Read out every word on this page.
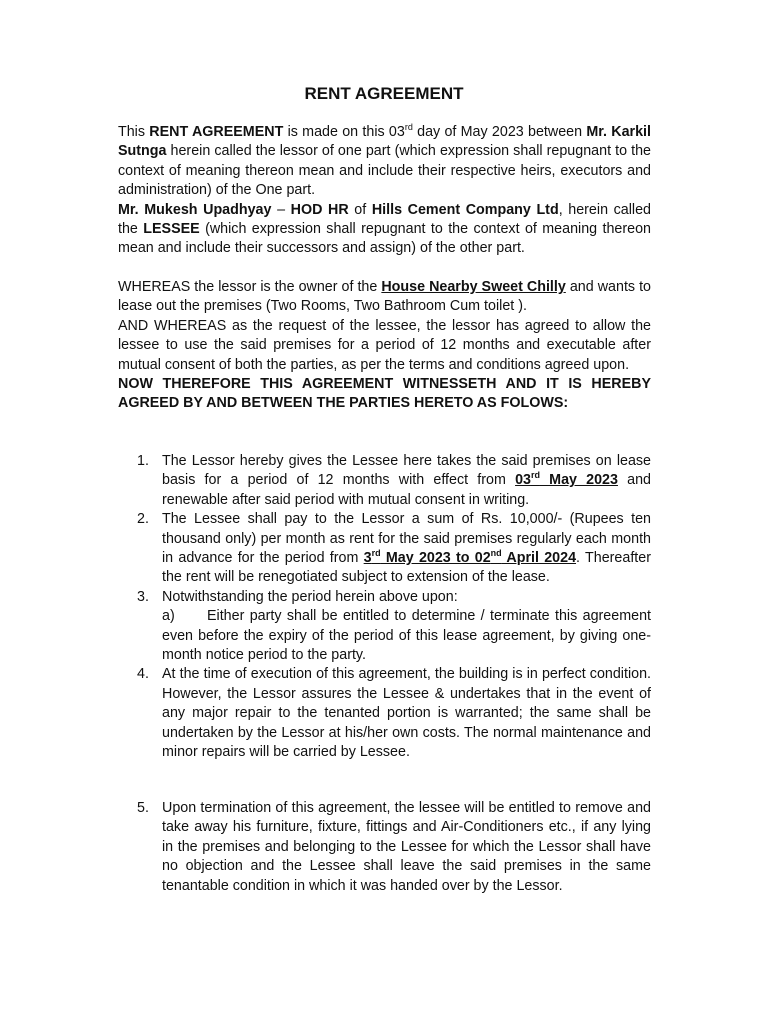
RENT AGREEMENT

This RENT AGREEMENT is made on this 03rd day of May 2023 between Mr. Karkil Sutnga herein called the lessor of one part (which expression shall repugnant to the context of meaning thereon mean and include their respective heirs, executors and administration) of the One part.

Mr. Mukesh Upadhyay – HOD HR of Hills Cement Company Ltd, herein called the LESSEE (which expression shall repugnant to the context of meaning thereon mean and include their successors and assign) of the other part.

WHEREAS the lessor is the owner of the House Nearby Sweet Chilly and wants to lease out the premises (Two Rooms, Two Bathroom Cum toilet ).

AND WHEREAS as the request of the lessee, the lessor has agreed to allow the lessee to use the said premises for a period of 12 months and executable after mutual consent of both the parties, as per the terms and conditions agreed upon.

NOW THEREFORE THIS AGREEMENT WITNESSETH AND IT IS HEREBY AGREED BY AND BETWEEN THE PARTIES HERETO AS FOLOWS:

1. The Lessor hereby gives the Lessee here takes the said premises on lease basis for a period of 12 months with effect from 03rd May 2023 and renewable after said period with mutual consent in writing.
2. The Lessee shall pay to the Lessor a sum of Rs. 10,000/- (Rupees ten thousand only) per month as rent for the said premises regularly each month in advance for the period from 3rd May 2023 to 02nd April 2024. Thereafter the rent will be renegotiated subject to extension of the lease.
3. Notwithstanding the period herein above upon:
a) Either party shall be entitled to determine / terminate this agreement even before the expiry of the period of this lease agreement, by giving one-month notice period to the party.
4. At the time of execution of this agreement, the building is in perfect condition. However, the Lessor assures the Lessee & undertakes that in the event of any major repair to the tenanted portion is warranted; the same shall be undertaken by the Lessor at his/her own costs. The normal maintenance and minor repairs will be carried by Lessee.
5. Upon termination of this agreement, the lessee will be entitled to remove and take away his furniture, fixture, fittings and Air-Conditioners etc., if any lying in the premises and belonging to the Lessee for which the Lessor shall have no objection and the Lessee shall leave the said premises in the same tenantable condition in which it was handed over by the Lessor.
